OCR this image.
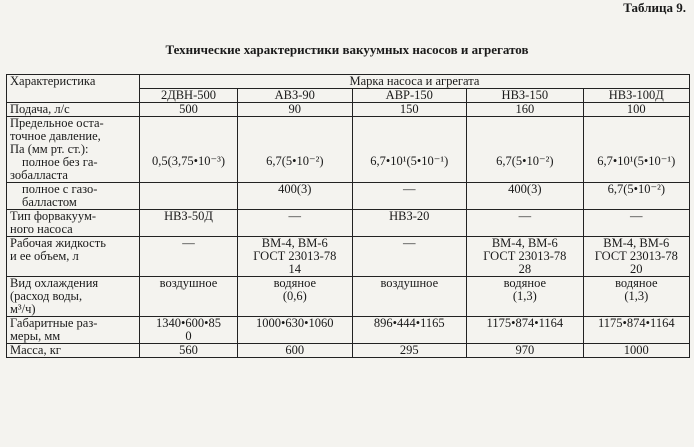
Таблица 9.
Технические характеристики вакуумных насосов и агрегатов
Характеристика	Марка насоса и агрегата				
	2ДВН-500	АВЗ-90	АВР-150	НВЗ-150	НВЗ-100Д
Подача, л/с	500	90	150	160	100

Предельное оста-
точное давление,
Па (мм рт. ст.):
полное без га-
зобалласта	0,5(3,75•10⁻³)	6,7(5•10⁻²)	6,7•10¹(5•10⁻¹)	6,7(5•10⁻²)	6,7•10¹(5•10⁻¹)

полное с газо-
балластом		400(3)	—	400(3)	6,7(5•10⁻²)

Тип форвакуум-
ного насоса	НВЗ-50Д	—	НВЗ-20	—	—

Рабочая жидкость
и ее объем, л	—	ВМ-4, ВМ-6
ГОСТ 23013-78
14	—	ВМ-4, ВМ-6
ГОСТ 23013-78
28	ВМ-4, ВМ-6
ГОСТ 23013-78
20

Вид охлаждения
(расход воды,
м³/ч)	воздушное	водяное
(0,6)	воздушное	водяное
(1,3)	водяное
(1,3)

Габаритные раз-
меры, мм	1340•600•85
0	1000•630•1060	896•444•1165	1175•874•1164	1175•874•1164
Масса, кг	560	600	295	970	1000
